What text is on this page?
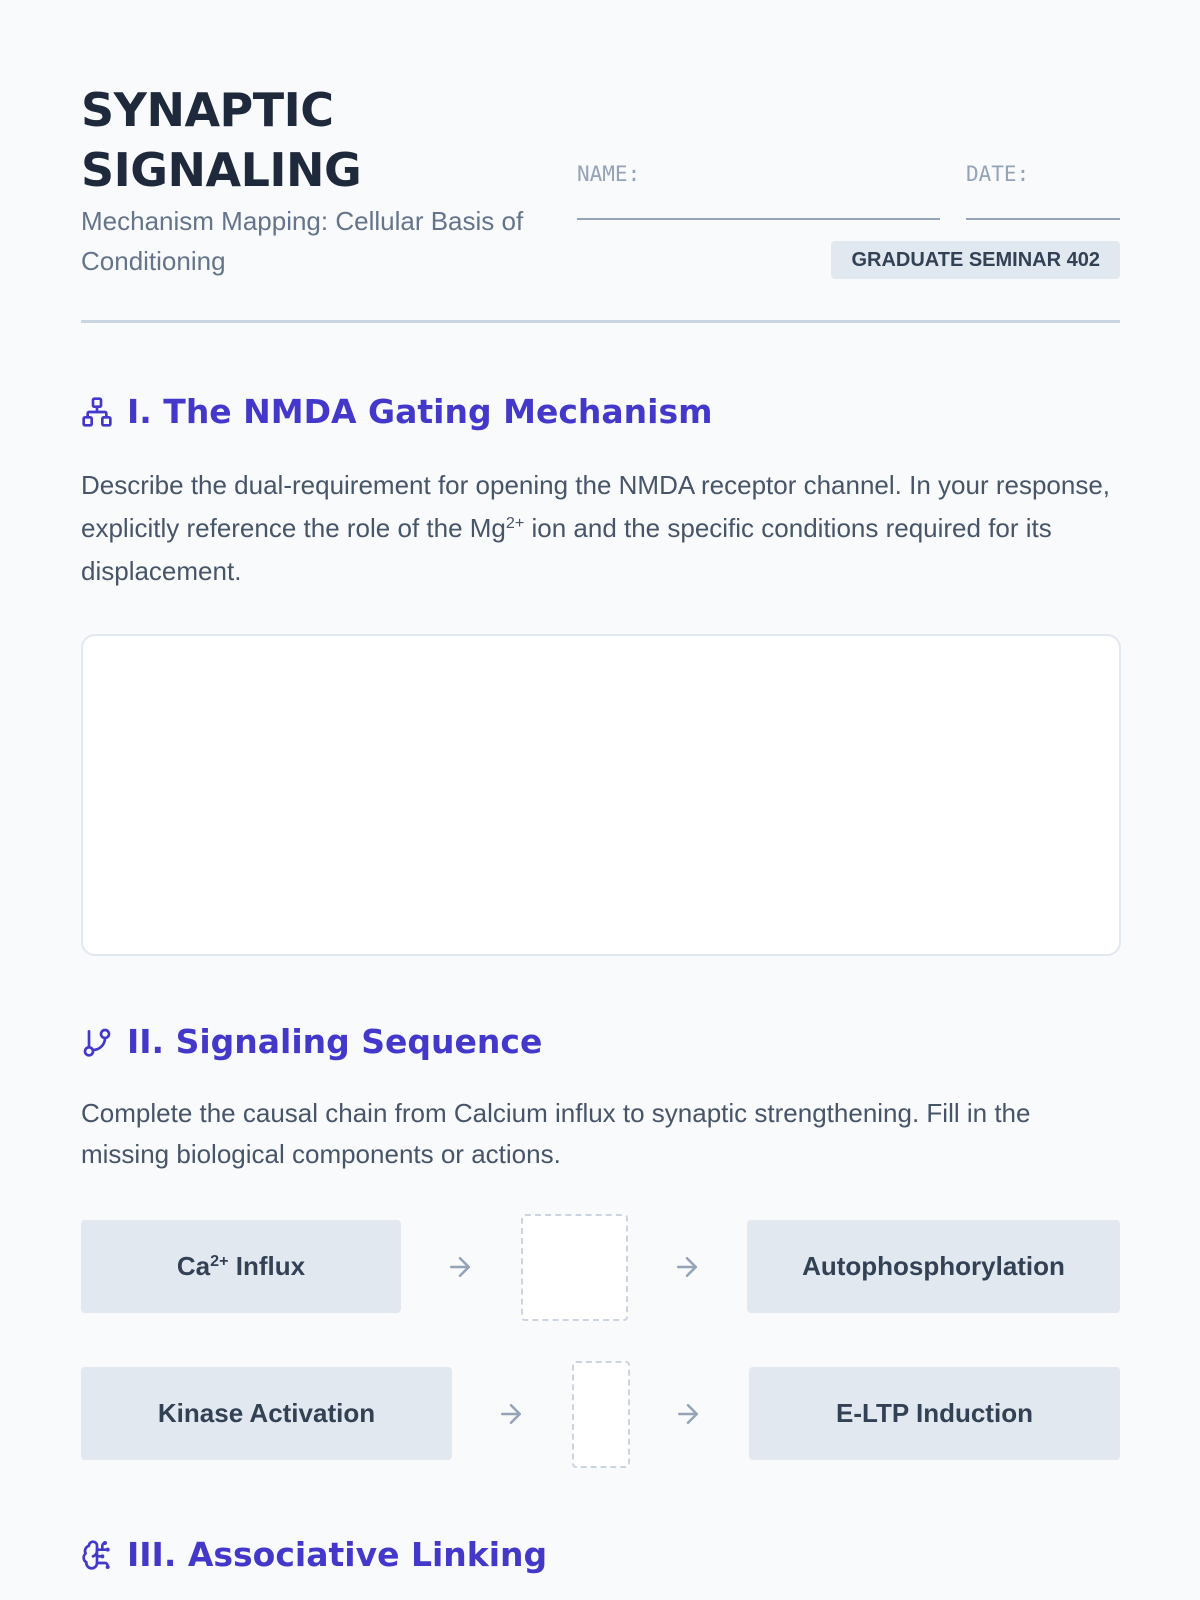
SYNAPTIC
SIGNALING
Mechanism Mapping: Cellular Basis of Conditioning
NAME:	DATE:
GRADUATE SEMINAR 402
I. The NMDA Gating Mechanism
Describe the dual-requirement for opening the NMDA receptor channel. In your response, explicitly reference the role of the $Mg^{2+}$ ion and the specific conditions required for its displacement.
II. Signaling Sequence
Complete the causal chain from Calcium influx to synaptic strengthening. Fill in the missing biological components or actions.
$Ca^{2+}$ Influx	Autophosphorylation
Kinase Activation	E-LTP Induction
III. Associative Linking
